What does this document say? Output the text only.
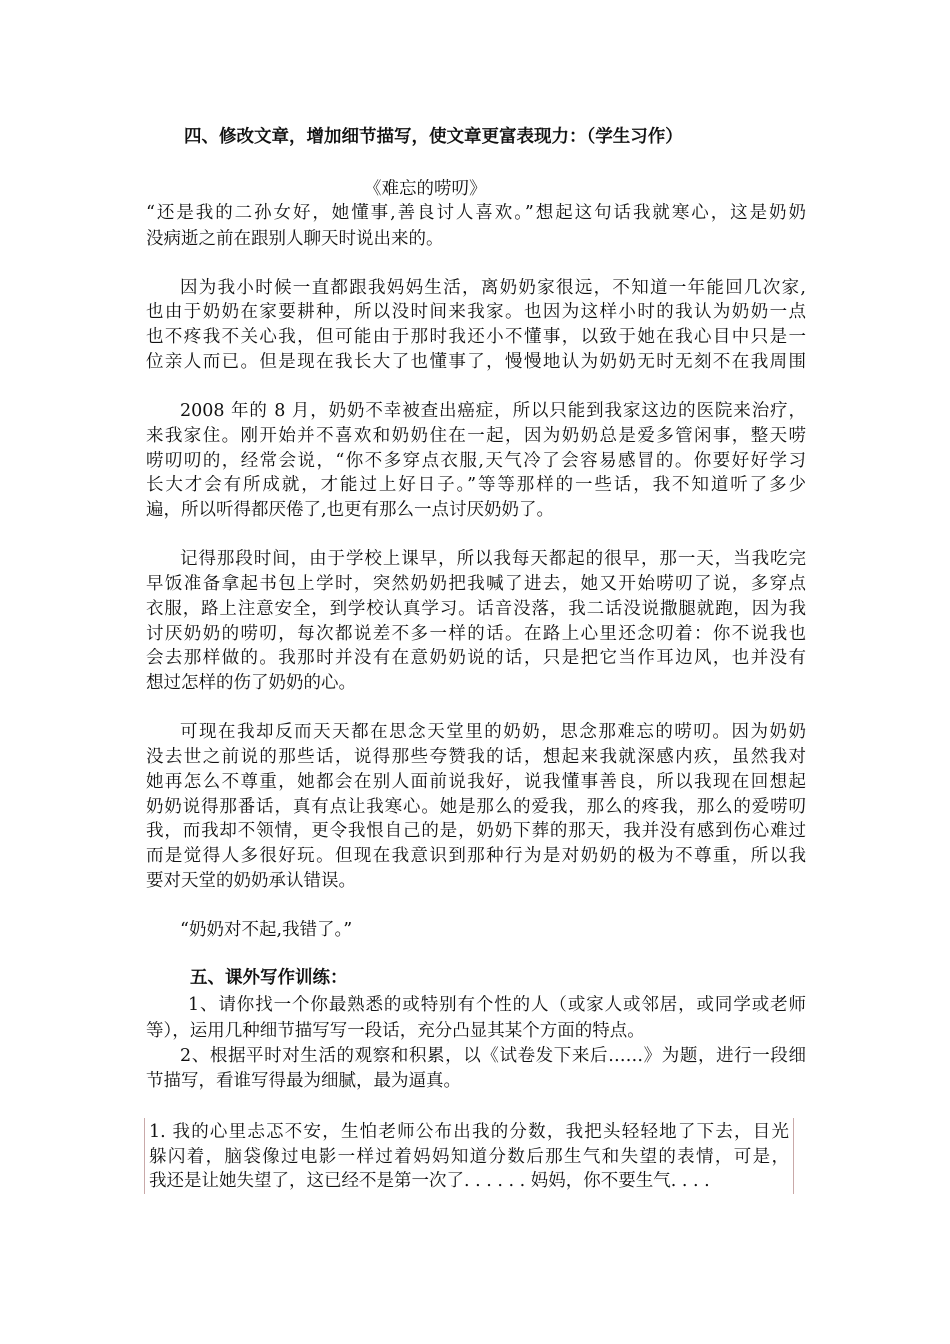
四、修改文章，增加细节描写，使文章更富表现力：（学生习作）
《难忘的唠叨》
“还是我的二孙女好，她懂事,善良讨人喜欢。”想起这句话我就寒心，这是奶奶
没病逝之前在跟别人聊天时说出来的。
因为我小时候一直都跟我妈妈生活，离奶奶家很远，不知道一年能回几次家,
也由于奶奶在家要耕种，所以没时间来我家。也因为这样小时的我认为奶奶一点
也不疼我不关心我，但可能由于那时我还小不懂事，以致于她在我心目中只是一
位亲人而已。但是现在我长大了也懂事了，慢慢地认为奶奶无时无刻不在我周围
2008 年的 8 月，奶奶不幸被查出癌症，所以只能到我家这边的医院来治疗，
来我家住。刚开始并不喜欢和奶奶住在一起，因为奶奶总是爱多管闲事，整天唠
唠叨叨的，经常会说，“你不多穿点衣服,天气冷了会容易感冒的。你要好好学习
长大才会有所成就，才能过上好日子。”等等那样的一些话，我不知道听了多少
遍，所以听得都厌倦了,也更有那么一点讨厌奶奶了。
记得那段时间，由于学校上课早，所以我每天都起的很早，那一天，当我吃完
早饭准备拿起书包上学时，突然奶奶把我喊了进去，她又开始唠叨了说，多穿点
衣服，路上注意安全，到学校认真学习。话音没落，我二话没说撒腿就跑，因为我
讨厌奶奶的唠叨，每次都说差不多一样的话。在路上心里还念叨着：你不说我也
会去那样做的。我那时并没有在意奶奶说的话，只是把它当作耳边风，也并没有
想过怎样的伤了奶奶的心。
可现在我却反而天天都在思念天堂里的奶奶，思念那难忘的唠叨。因为奶奶
没去世之前说的那些话，说得那些夸赞我的话，想起来我就深感内疚，虽然我对
她再怎么不尊重，她都会在别人面前说我好，说我懂事善良，所以我现在回想起
奶奶说得那番话，真有点让我寒心。她是那么的爱我，那么的疼我，那么的爱唠叨
我，而我却不领情，更令我恨自己的是，奶奶下葬的那天，我并没有感到伤心难过
而是觉得人多很好玩。但现在我意识到那种行为是对奶奶的极为不尊重，所以我
要对天堂的奶奶承认错误。
“奶奶对不起,我错了。”
五、课外写作训练：
1、请你找一个你最熟悉的或特别有个性的人（或家人或邻居，或同学或老师
等），运用几种细节描写写一段话，充分凸显其某个方面的特点。
2、根据平时对生活的观察和积累，以《试卷发下来后……》为题，进行一段细
节描写，看谁写得最为细腻，最为逼真。
1. 我的心里忐忑不安，生怕老师公布出我的分数，我把头轻轻地了下去，目光
躲闪着，脑袋像过电影一样过着妈妈知道分数后那生气和失望的表情，可是，
我还是让她失望了，这已经不是第一次了. . . . . . 妈妈，你不要生气. . . .
